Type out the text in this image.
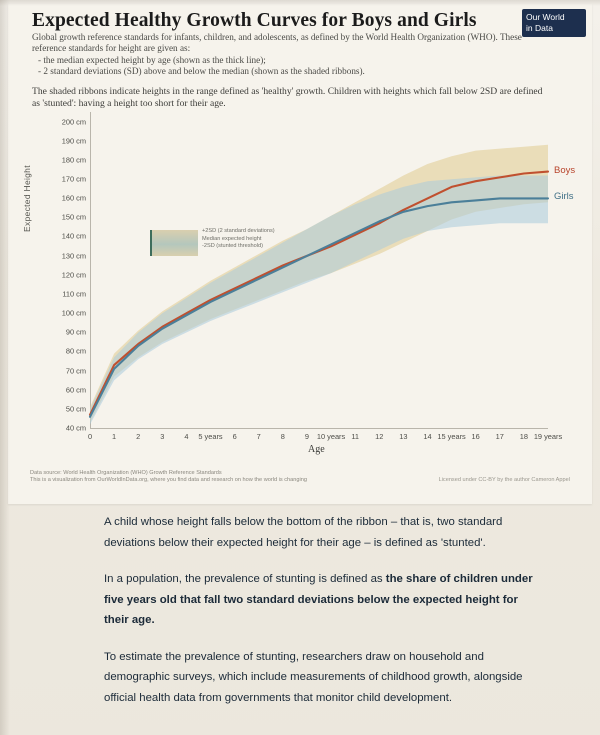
Expected Healthy Growth Curves for Boys and Girls	Our World
in Data
Global growth reference standards for infants, children, and adolescents, as defined by the World Health Organization (WHO). These reference standards for height are given as:
- the median expected height by age (shown as the thick line);
- 2 standard deviations (SD) above and below the median (shown as the shaded ribbons).
The shaded ribbons indicate heights in the range defined as 'healthy' growth. Children with heights which fall below 2SD are defined as 'stunted': having a height too short for their age.
Expected Height
40 cm
50 cm
60 cm
70 cm
80 cm
90 cm
100 cm
110 cm
120 cm
130 cm
140 cm
150 cm
160 cm
170 cm
180 cm
190 cm
200 cm
0	1	2	3	4 5 years 6	7	8	9 10 years 11 12 13 14 15 years 16 17 18 19 years
Age
+2SD (2 standard deviations)
Median expected height
-2SD (stunted threshold)
Boys
Girls
Data source: World Health Organization (WHO) Growth Reference Standards
This is a visualization from OurWorldInData.org, where you find data and research on how the world is changing	Licensed under CC-BY by the author Cameron Appel

A child whose height falls below the bottom of the ribbon – that is, two standard deviations below their expected height for their age – is defined as 'stunted'.

In a population, the prevalence of stunting is defined as the share of children under five years old that fall two standard deviations below the expected height for their age.

To estimate the prevalence of stunting, researchers draw on household and demographic surveys, which include measurements of childhood growth, alongside official health data from governments that monitor child development.
